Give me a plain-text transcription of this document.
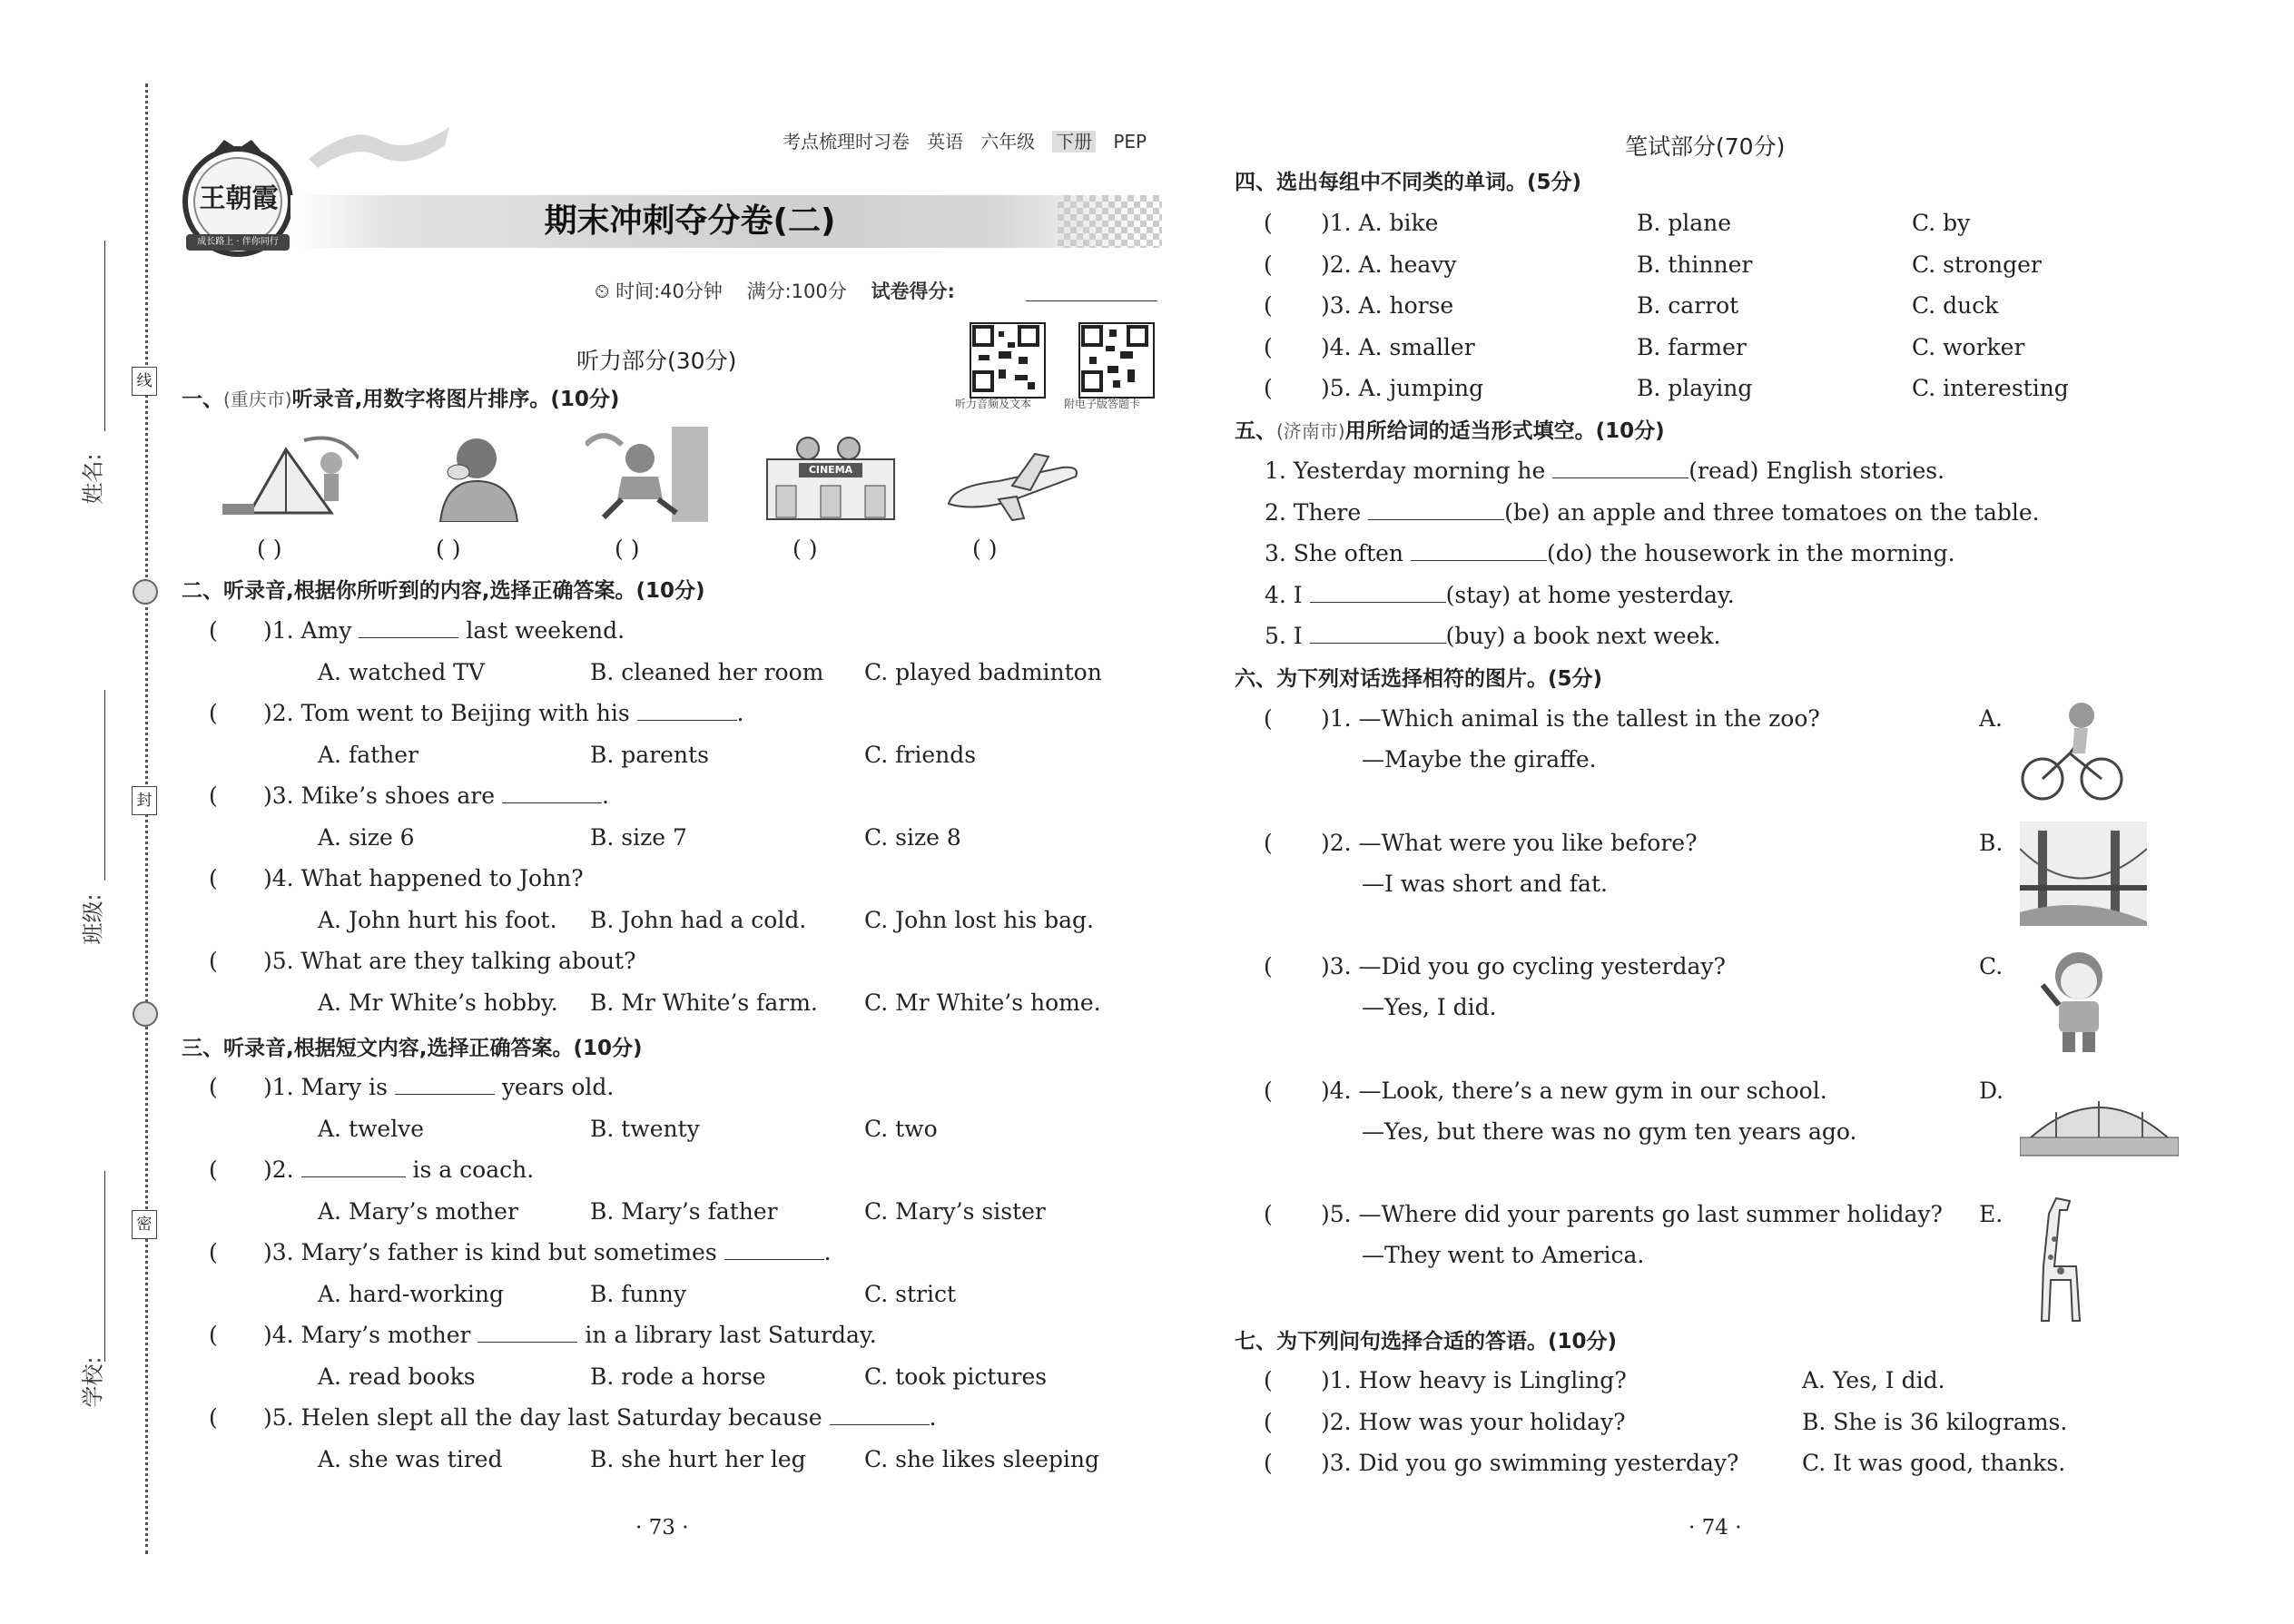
姓名:
班级:
学校:
线
封
密
王朝霞
成长路上 · 伴你同行
考点梳理时习卷 英语 六年级 下册 PEP
期末冲刺夺分卷(二)
⏲ 时间:40分钟 满分:100分 试卷得分:
听力音频及文本	附电子版答题卡
听力部分(30分)
一、(重庆市)听录音,用数字将图片排序。(10分)
CINEMA
( )	( )	( )	( )	( )
二、听录音,根据你所听到的内容,选择正确答案。(10分)
( )1. Amy	last weekend.
A. watched TV	B. cleaned her room C. played badminton
( )2. Tom went to Beijing with his	.
A. father	B. parents	C. friends
( )3. Mike’s shoes are	.
A. size 6	B. size 7	C. size 8
( )4. What happened to John?
A. John hurt his foot. B. John had a cold.	C. John lost his bag.
( )5. What are they talking about?
A. Mr White’s hobby. B. Mr White’s farm. C. Mr White’s home.
三、听录音,根据短文内容,选择正确答案。(10分)
( )1. Mary is	years old.
A. twelve	B. twenty	C. two
( )2.	is a coach.
A. Mary’s mother	B. Mary’s father	C. Mary’s sister
( )3. Mary’s father is kind but sometimes	.
A. hard-working	B. funny	C. strict
( )4. Mary’s mother	in a library last Saturday.
A. read books	B. rode a horse	C. took pictures
( )5. Helen slept all the day last Saturday because	.
A. she was tired	B. she hurt her leg	C. she likes sleeping
· 73 ·
笔试部分(70分)
四、选出每组中不同类的单词。(5分)
( )1. A. bike	B. plane	C. by
( )2. A. heavy	B. thinner	C. stronger
( )3. A. horse	B. carrot	C. duck
( )4. A. smaller	B. farmer	C. worker
( )5. A. jumping	B. playing	C. interesting
五、(济南市)用所给词的适当形式填空。(10分)
1. Yesterday morning he	(read) English stories.
2. There	(be) an apple and three tomatoes on the table.
3. She often	(do) the housework in the morning.
4. I	(stay) at home yesterday.
5. I	(buy) a book next week.
六、为下列对话选择相符的图片。(5分)
( )1. —Which animal is the tallest in the zoo?
—Maybe the giraffe.
A.
( )2. —What were you like before?
—I was short and fat.
B.
( )3. —Did you go cycling yesterday?
—Yes, I did.
C.
( )4. —Look, there’s a new gym in our school.
—Yes, but there was no gym ten years ago.
D.
( )5. —Where did your parents go last summer holiday?
—They went to America.
E.
七、为下列问句选择合适的答语。(10分)
( )1. How heavy is Lingling?	A. Yes, I did.
( )2. How was your holiday?	B. She is 36 kilograms.
( )3. Did you go swimming yesterday?	C. It was good, thanks.
· 74 ·
